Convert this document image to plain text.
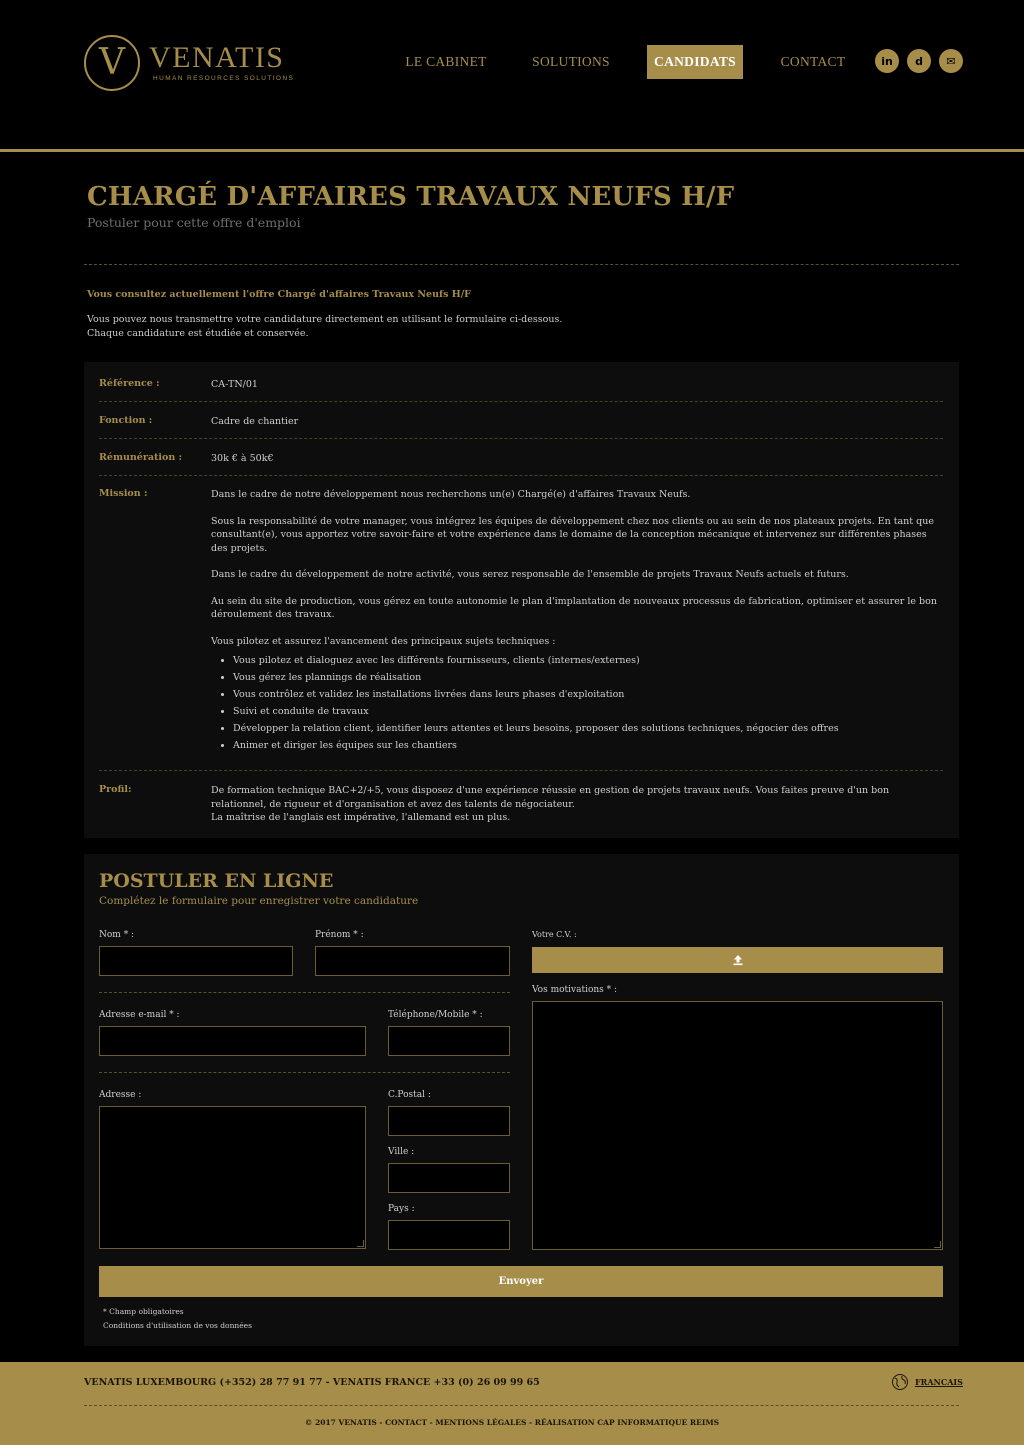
V VENATIS
HUMAN RESOURCES SOLUTIONS
LE CABINET	SOLUTIONS	CANDIDATS	CONTACT	in	d	✉
CHARGÉ D'AFFAIRES TRAVAUX NEUFS H/F
Postuler pour cette offre d'emploi
Vous consultez actuellement l'offre Chargé d'affaires Travaux Neufs H/F
Vous pouvez nous transmettre votre candidature directement en utilisant le formulaire ci-dessous.
Chaque candidature est étudiée et conservée.
Référence :	CA-TN/01
Fonction :	Cadre de chantier
Rémunération :	30k € à 50k€
Mission :	Dans le cadre de notre développement nous recherchons un(e) Chargé(e) d'affaires Travaux Neufs.

Sous la responsabilité de votre manager, vous intégrez les équipes de développement chez nos clients ou au sein de nos plateaux projets. En tant que consultant(e), vous apportez votre savoir-faire et votre expérience dans le domaine de la conception mécanique et intervenez sur différentes phases des projets.

Dans le cadre du développement de notre activité, vous serez responsable de l'ensemble de projets Travaux Neufs actuels et futurs.

Au sein du site de production, vous gérez en toute autonomie le plan d'implantation de nouveaux processus de fabrication, optimiser et assurer le bon déroulement des travaux.

Vous pilotez et assurez l'avancement des principaux sujets techniques :

• Vous pilotez et dialoguez avec les différents fournisseurs, clients (internes/externes)
• Vous gérez les plannings de réalisation
• Vous contrôlez et validez les installations livrées dans leurs phases d'exploitation
• Suivi et conduite de travaux
• Développer la relation client, identifier leurs attentes et leurs besoins, proposer des solutions techniques, négocier des offres
• Animer et diriger les équipes sur les chantiers
Profil:	De formation technique BAC+2/+5, vous disposez d'une expérience réussie en gestion de projets travaux neufs. Vous faites preuve d'un bon relationnel, de rigueur et d'organisation et avez des talents de négociateur.
La maîtrise de l'anglais est impérative, l'allemand est un plus.
POSTULER EN LIGNE
Complétez le formulaire pour enregistrer votre candidature
Nom * :	Prénom * :
Adresse e-mail * :	Téléphone/Mobile * :
Adresse :	C.Postal :
Ville :
Pays :
Votre C.V. :
Vos motivations * :
Envoyer
* Champ obligatoires
Conditions d'utilisation de vos données
VENATIS LUXEMBOURG (+352) 28 77 91 77 - VENATIS FRANCE +33 (0) 26 09 99 65	FRANCAIS
© 2017 VENATIS - CONTACT - MENTIONS LÉGALES - RÉALISATION CAP INFORMATIQUE REIMS
